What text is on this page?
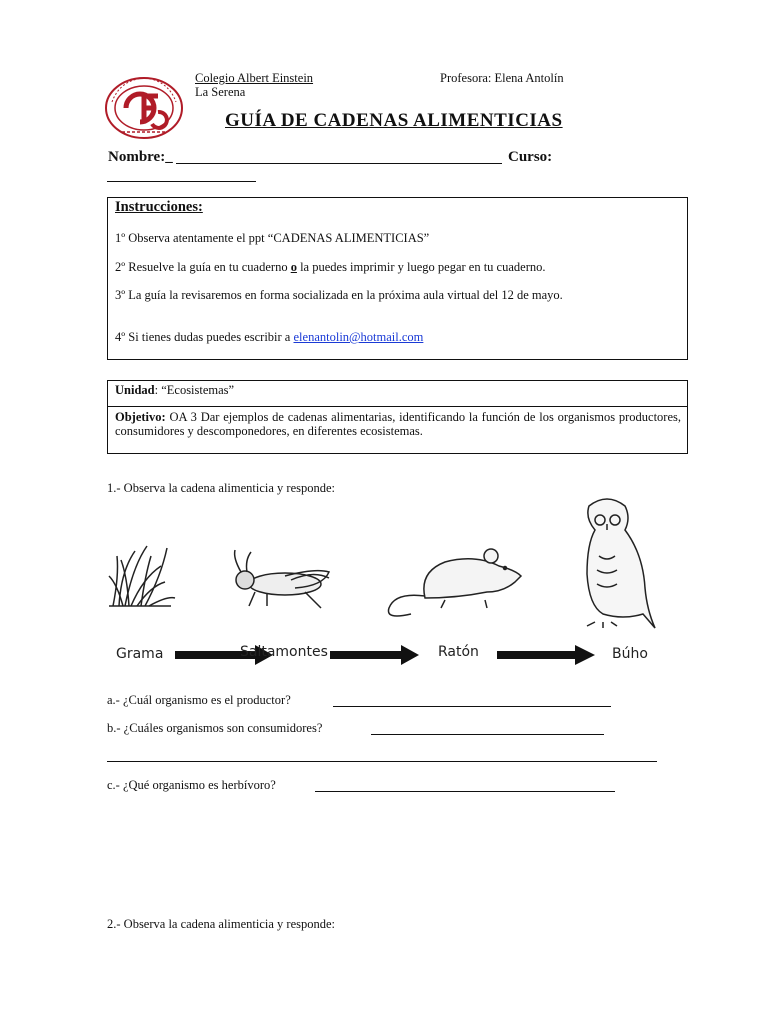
Colegio Albert Einstein
La Serena
Profesora: Elena Antolín
GUÍA DE CADENAS ALIMENTICIAS
Nombre:_	Curso:
Instrucciones:
1º Observa atentamente el ppt “CADENAS ALIMENTICIAS”
2º Resuelve la guía en tu cuaderno o la puedes imprimir y luego pegar en tu cuaderno.
3º La guía la revisaremos en forma socializada en la próxima aula virtual del 12 de mayo.
4º Si tienes dudas puedes escribir a elenantolin@hotmail.com
Unidad: “Ecosistemas”
Objetivo: OA 3 Dar ejemplos de cadenas alimentarias, identificando la función de los organismos productores, consumidores y descomponedores, en diferentes ecosistemas.
1.- Observa la cadena alimenticia y responde:
Grama	Saltamontes	Ratón	Búho
a.- ¿Cuál organismo es el productor?
b.- ¿Cuáles organismos son consumidores?
c.- ¿Qué organismo es herbívoro?
2.- Observa la cadena alimenticia y responde:
